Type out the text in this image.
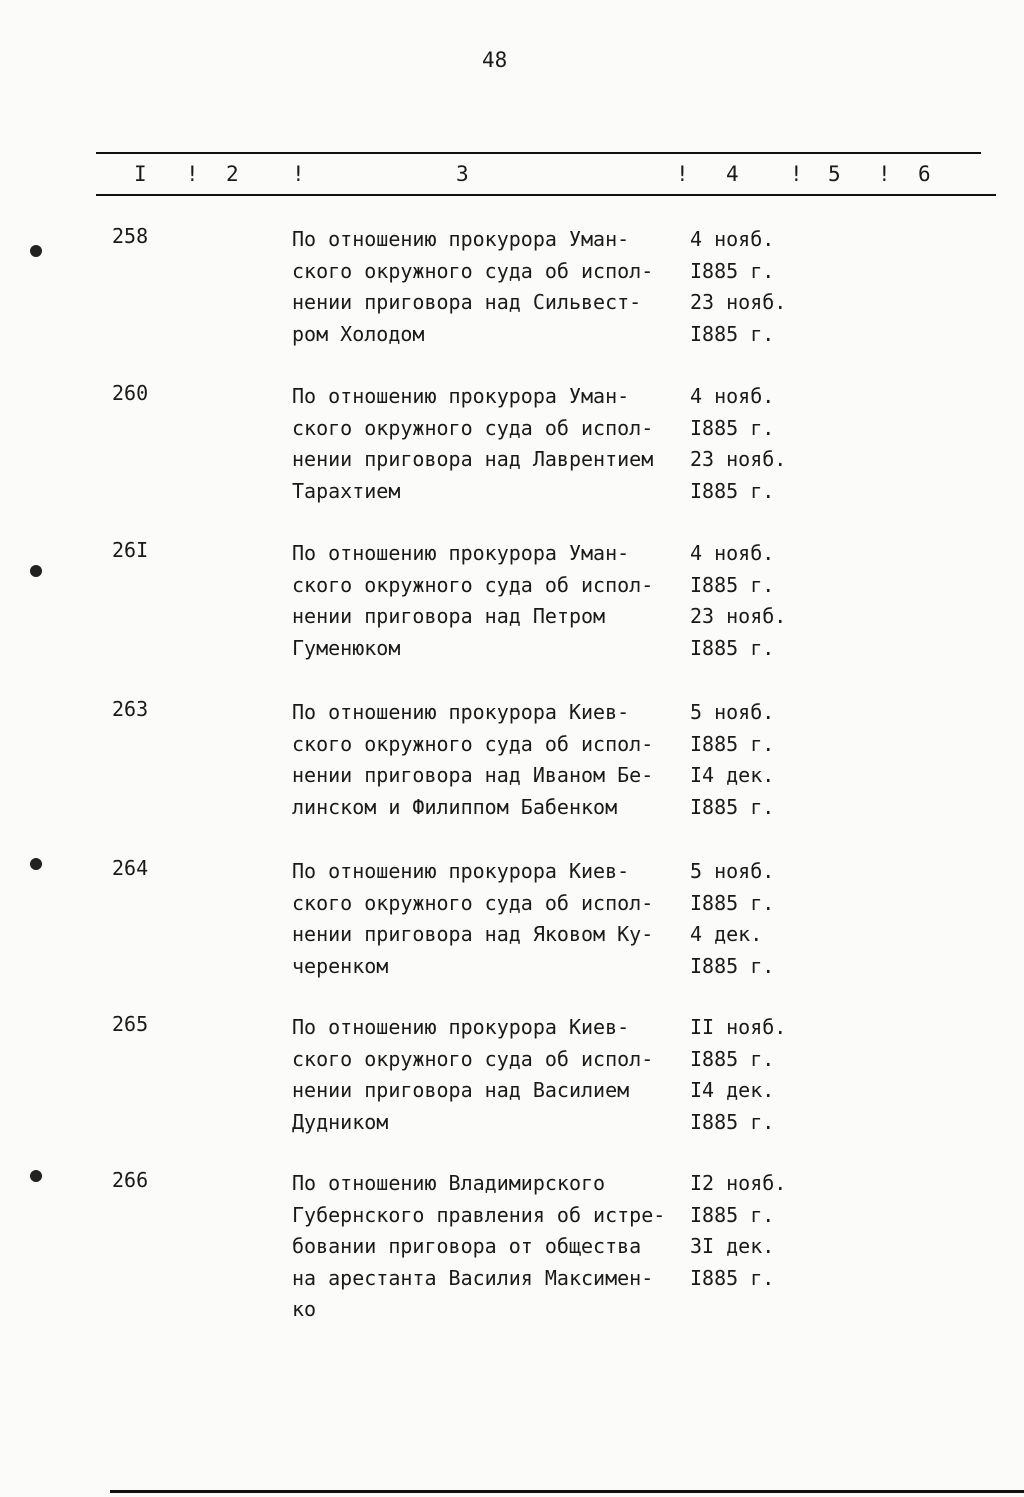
48
I ! 2	!	3	! 4 ! 5 ! 6
258	По отношению прокурора Уман-
ского окружного суда об испол-
нении приговора над Сильвест-
ром Холодом
4 нояб.
I885 г.
23 нояб.
I885 г.
260	По отношению прокурора Уман-
ского окружного суда об испол-
нении приговора над Лаврентием
Тарахтием
4 нояб.
I885 г.
23 нояб.
I885 г.
26I	По отношению прокурора Уман-
ского окружного суда об испол-
нении приговора над Петром
Гуменюком
4 нояб.
I885 г.
23 нояб.
I885 г.
263	По отношению прокурора Киев-
ского окружного суда об испол-
нении приговора над Иваном Бе-
линском и Филиппом Бабенком
5 нояб.
I885 г.
I4 дек.
I885 г.
264	По отношению прокурора Киев-
ского окружного суда об испол-
нении приговора над Яковом Ку-
черенком
5 нояб.
I885 г.
4 дек.
I885 г.
265	По отношению прокурора Киев-
ского окружного суда об испол-
нении приговора над Василием
Дудником
II нояб.
I885 г.
I4 дек.
I885 г.
266	По отношению Владимирского
Губернского правления об истре-
бовании приговора от общества
на арестанта Василия Максимен-
ко
I2 нояб.
I885 г.
3I дек.
I885 г.
